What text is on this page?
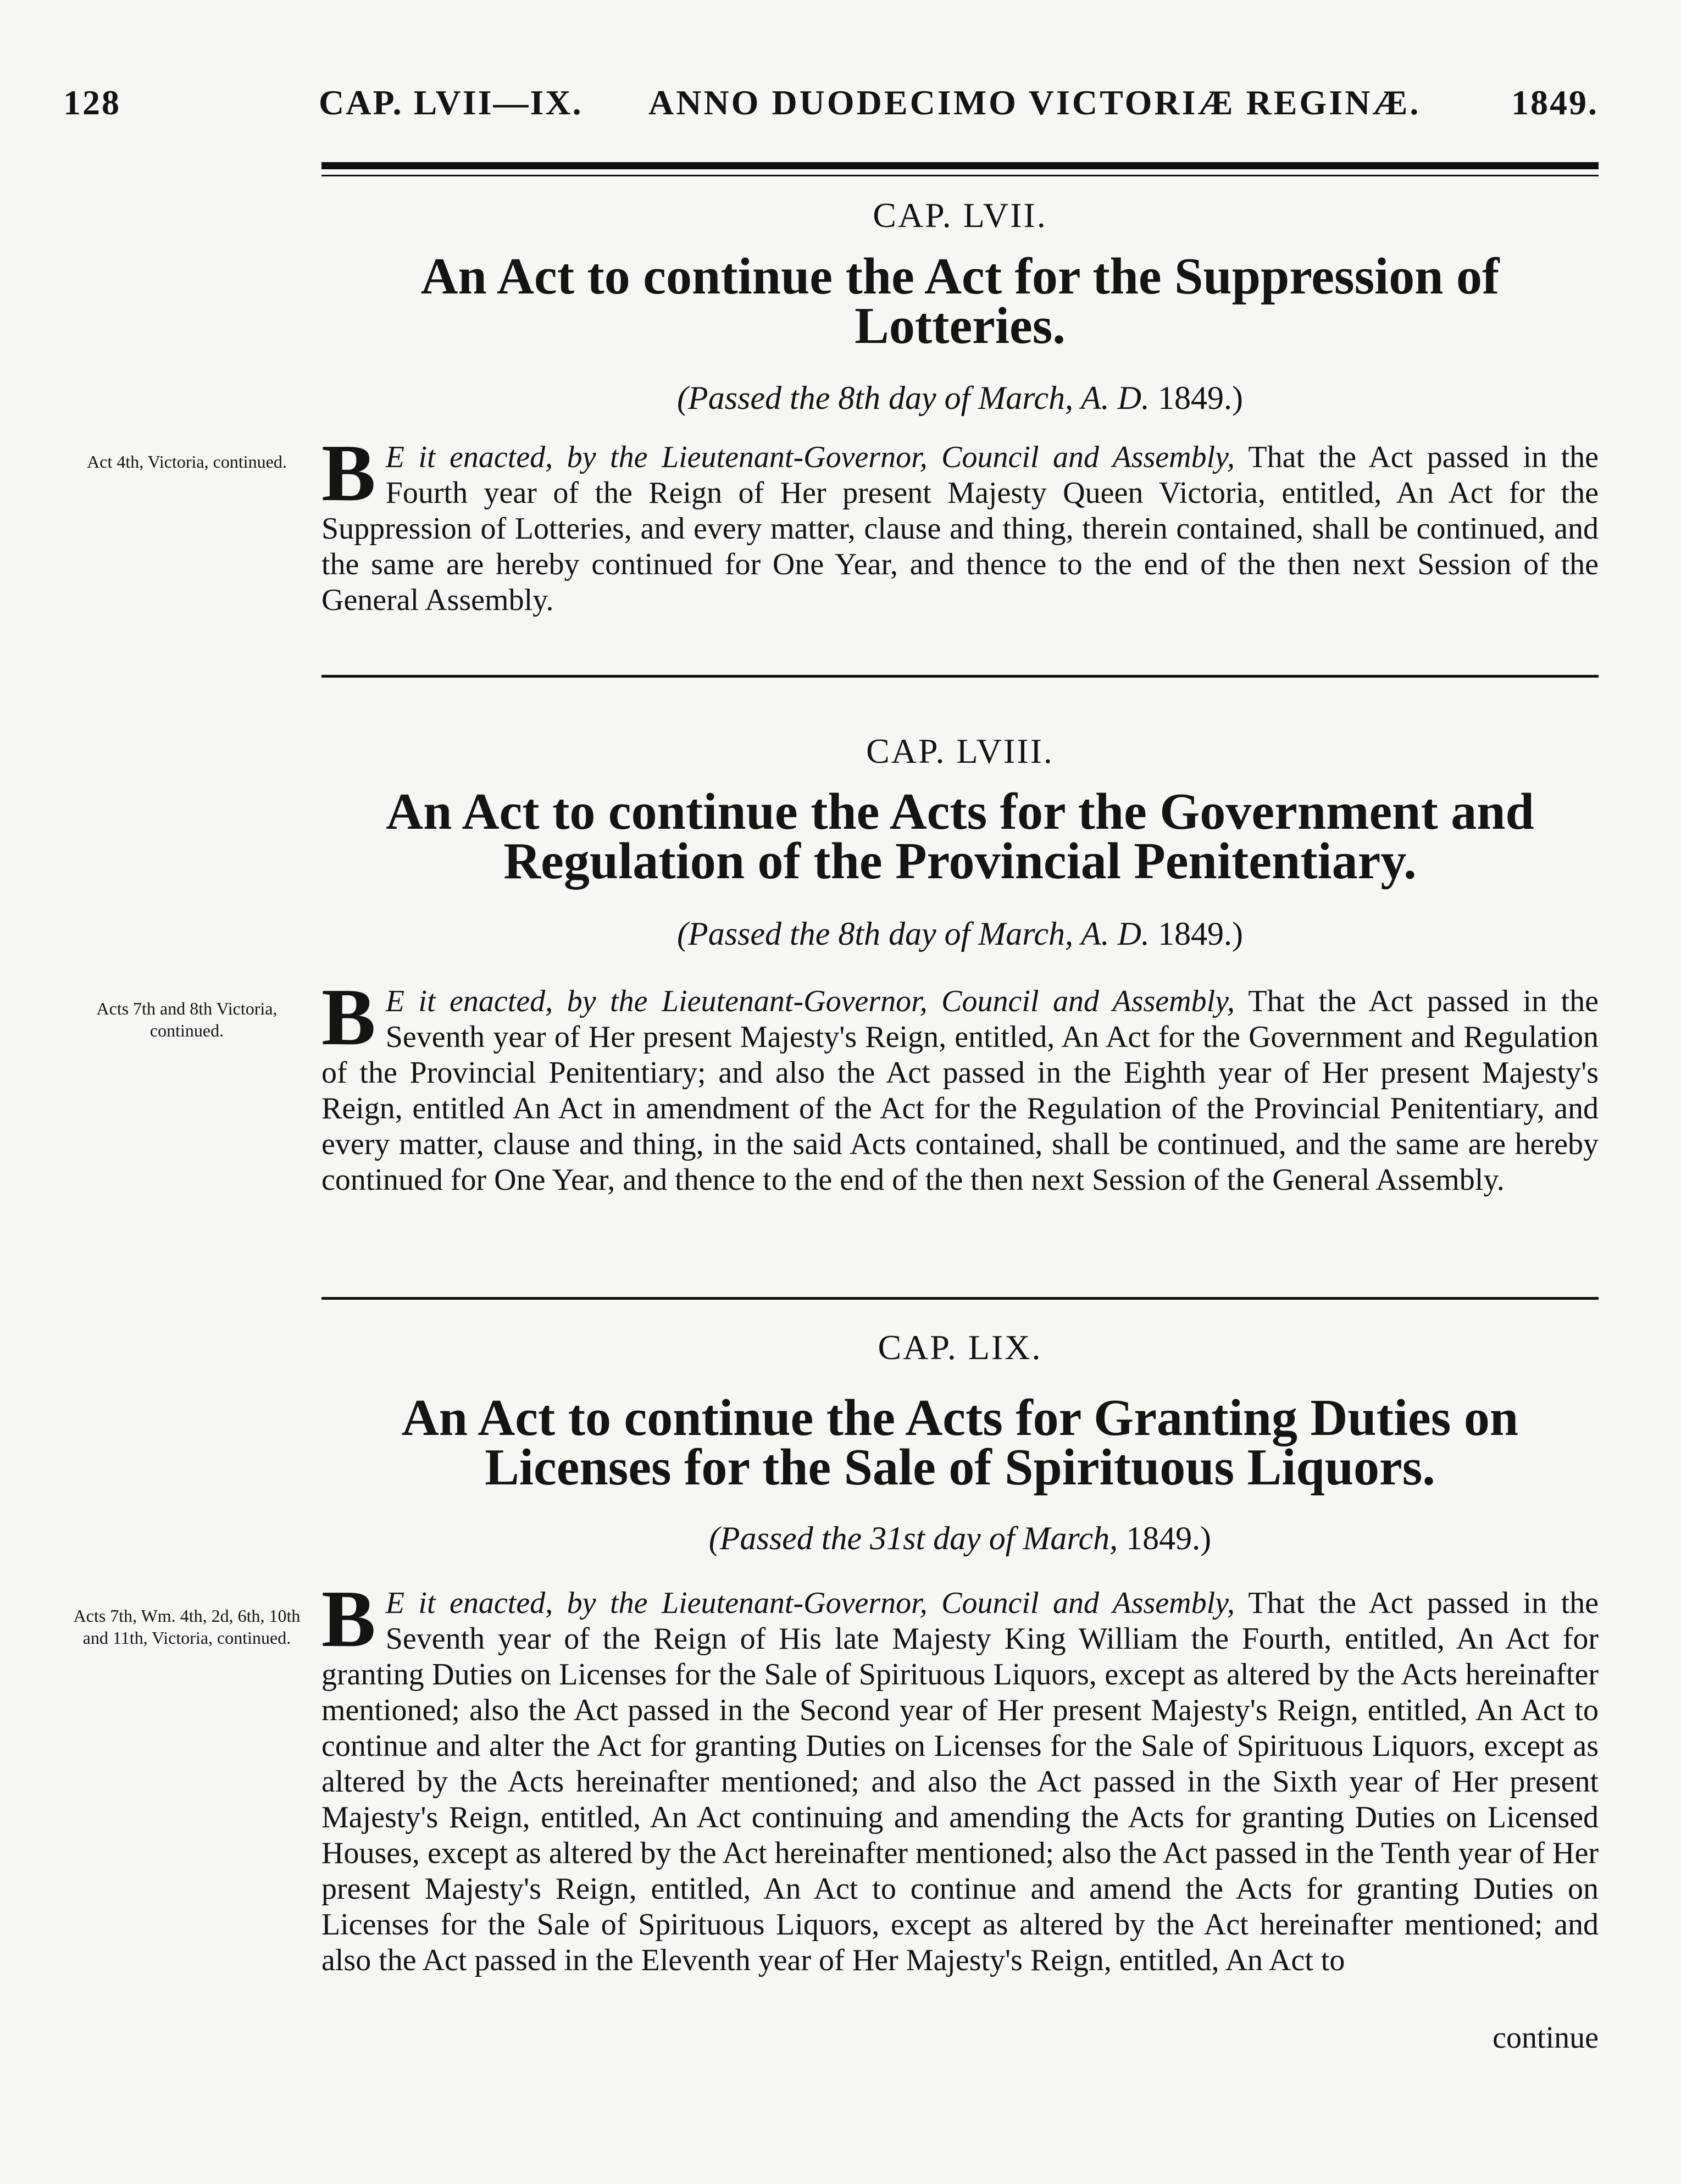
128	CAP. LVII—IX. ANNO DUODECIMO VICTORIÆ REGINÆ.	1849.
CAP. LVII.
An Act to continue the Act for the Suppression of
Lotteries.
(Passed the 8th day of March, A. D. 1849.)
Act 4th, Victoria, continued. B E it enacted, by the Lieutenant-Governor, Council and Assembly, That the Act passed in the Fourth year of the Reign of Her present Majesty Queen Victoria, entitled, An Act for the Suppression of Lotteries, and every matter, clause and thing, therein contained, shall be continued, and the same are hereby continued for One Year, and thence to the end of the then next Session of the General Assembly.
CAP. LVIII.
An Act to continue the Acts for the Government and
Regulation of the Provincial Penitentiary.
(Passed the 8th day of March, A. D. 1849.)
Acts 7th and 8th Victoria, continued.	B E it enacted, by the Lieutenant-Governor, Council and Assembly, That the Act passed in the Seventh year of Her present Majesty's Reign, entitled, An Act for the Government and Regulation of the Provincial Penitentiary; and also the Act passed in the Eighth year of Her present Majesty's Reign, entitled An Act in amendment of the Act for the Regulation of the Provincial Penitentiary, and every matter, clause and thing, in the said Acts contained, shall be continued, and the same are hereby continued for One Year, and thence to the end of the then next Session of the General Assembly.
CAP. LIX.
An Act to continue the Acts for Granting Duties on
Licenses for the Sale of Spirituous Liquors.
(Passed the 31st day of March, 1849.)
Acts 7th, Wm. 4th, 2d, 6th, 10th and 11th, Victoria, continued. B E it enacted, by the Lieutenant-Governor, Council and Assembly, That the Act passed in the Seventh year of the Reign of His late Majesty King William the Fourth, entitled, An Act for granting Duties on Licenses for the Sale of Spirituous Liquors, except as altered by the Acts hereinafter mentioned; also the Act passed in the Second year of Her present Majesty's Reign, entitled, An Act to continue and alter the Act for granting Duties on Licenses for the Sale of Spirituous Liquors, except as altered by the Acts hereinafter mentioned; and also the Act passed in the Sixth year of Her present Majesty's Reign, entitled, An Act continuing and amending the Acts for granting Duties on Licensed Houses, except as altered by the Act hereinafter mentioned; also the Act passed in the Tenth year of Her present Majesty's Reign, entitled, An Act to continue and amend the Acts for granting Duties on Licenses for the Sale of Spirituous Liquors, except as altered by the Act hereinafter mentioned; and also the Act passed in the Eleventh year of Her Majesty's Reign, entitled, An Act to
continue
